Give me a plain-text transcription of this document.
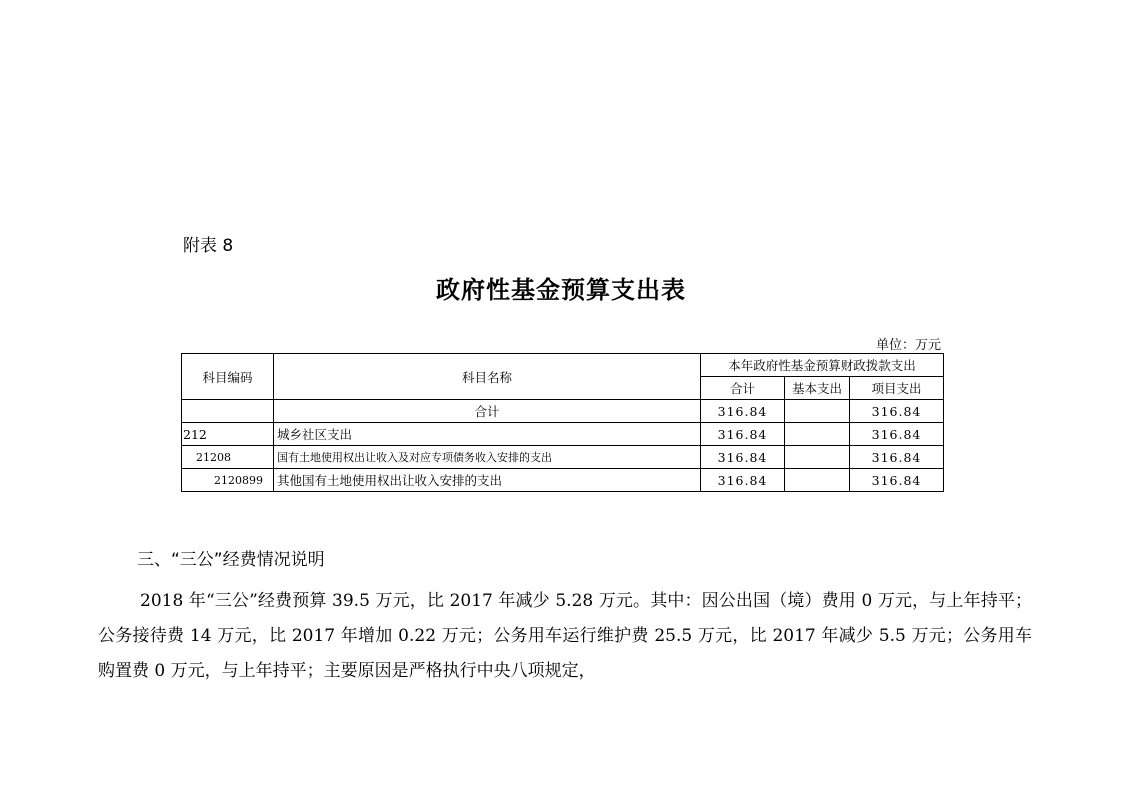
附表 8
政府性基金预算支出表
单位：万元
科目编码	科目名称	本年政府性基金预算财政拨款支出		
		合计	基本支出	项目支出
	合计	316.84		316.84
212	城乡社区支出	316.84		316.84
21208	国有土地使用权出让收入及对应专项债务收入安排的支出	316.84		316.84
2120899	其他国有土地使用权出让收入安排的支出	316.84		316.84
三、“三公”经费情况说明

2018 年“三公”经费预算 39.5 万元，比 2017 年减少 5.28 万元。其中：因公出国（境）费用 0 万元，与上年持平；公务接待费 14 万元，比 2017 年增加 0.22 万元；公务用车运行维护费 25.5 万元，比 2017 年减少 5.5 万元；公务用车购置费 0 万元，与上年持平；主要原因是严格执行中央八项规定，
